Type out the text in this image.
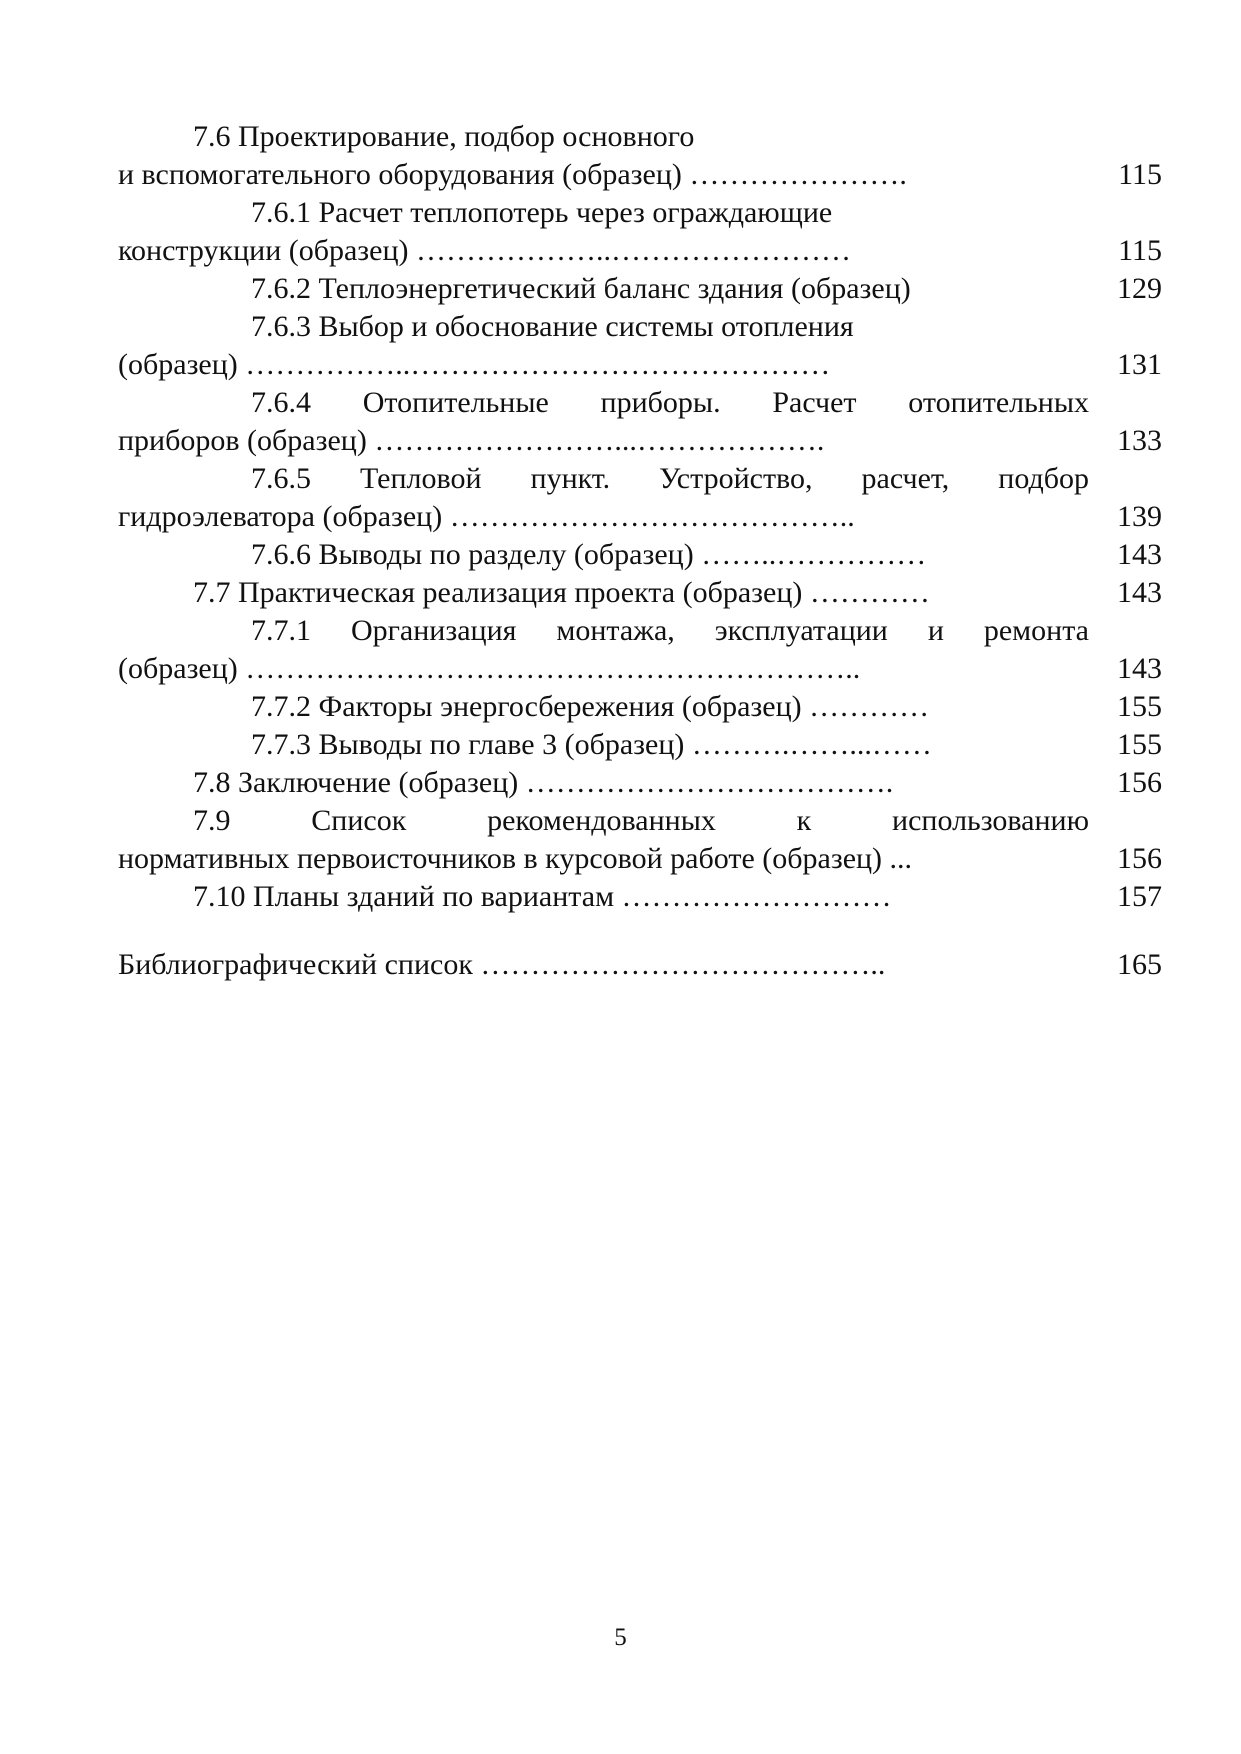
7.6 Проектирование, подбор основного
и вспомогательного оборудования (образец) ………………….	115
7.6.1 Расчет теплопотерь через ограждающие
конструкции (образец) ………………..……………………	115
7.6.2 Теплоэнергетический баланс здания (образец)	129
7.6.3 Выбор и обоснование системы отопления
(образец) ……………..……………………………………	131
7.6.4 Отопительные приборы. Расчет отопительных
приборов (образец) ……………………...……………….	133
7.6.5 Тепловой пункт. Устройство, расчет, подбор
гидроэлеватора (образец) …………………………………..	139
7.6.6 Выводы по разделу (образец) ……..……………	143
7.7 Практическая реализация проекта (образец) …………	143
7.7.1 Организация монтажа, эксплуатации и ремонта
(образец) ……………………………………………………..	143
7.7.2 Факторы энергосбережения (образец) …………	155
7.7.3 Выводы по главе 3 (образец) ……….……...……	155
7.8 Заключение (образец) ……………………………….	156
7.9 Список рекомендованных к использованию
нормативных первоисточников в курсовой работе (образец) ...	156
7.10 Планы зданий по вариантам ………………………	157
Библиографический список …………………………………..	165
5
